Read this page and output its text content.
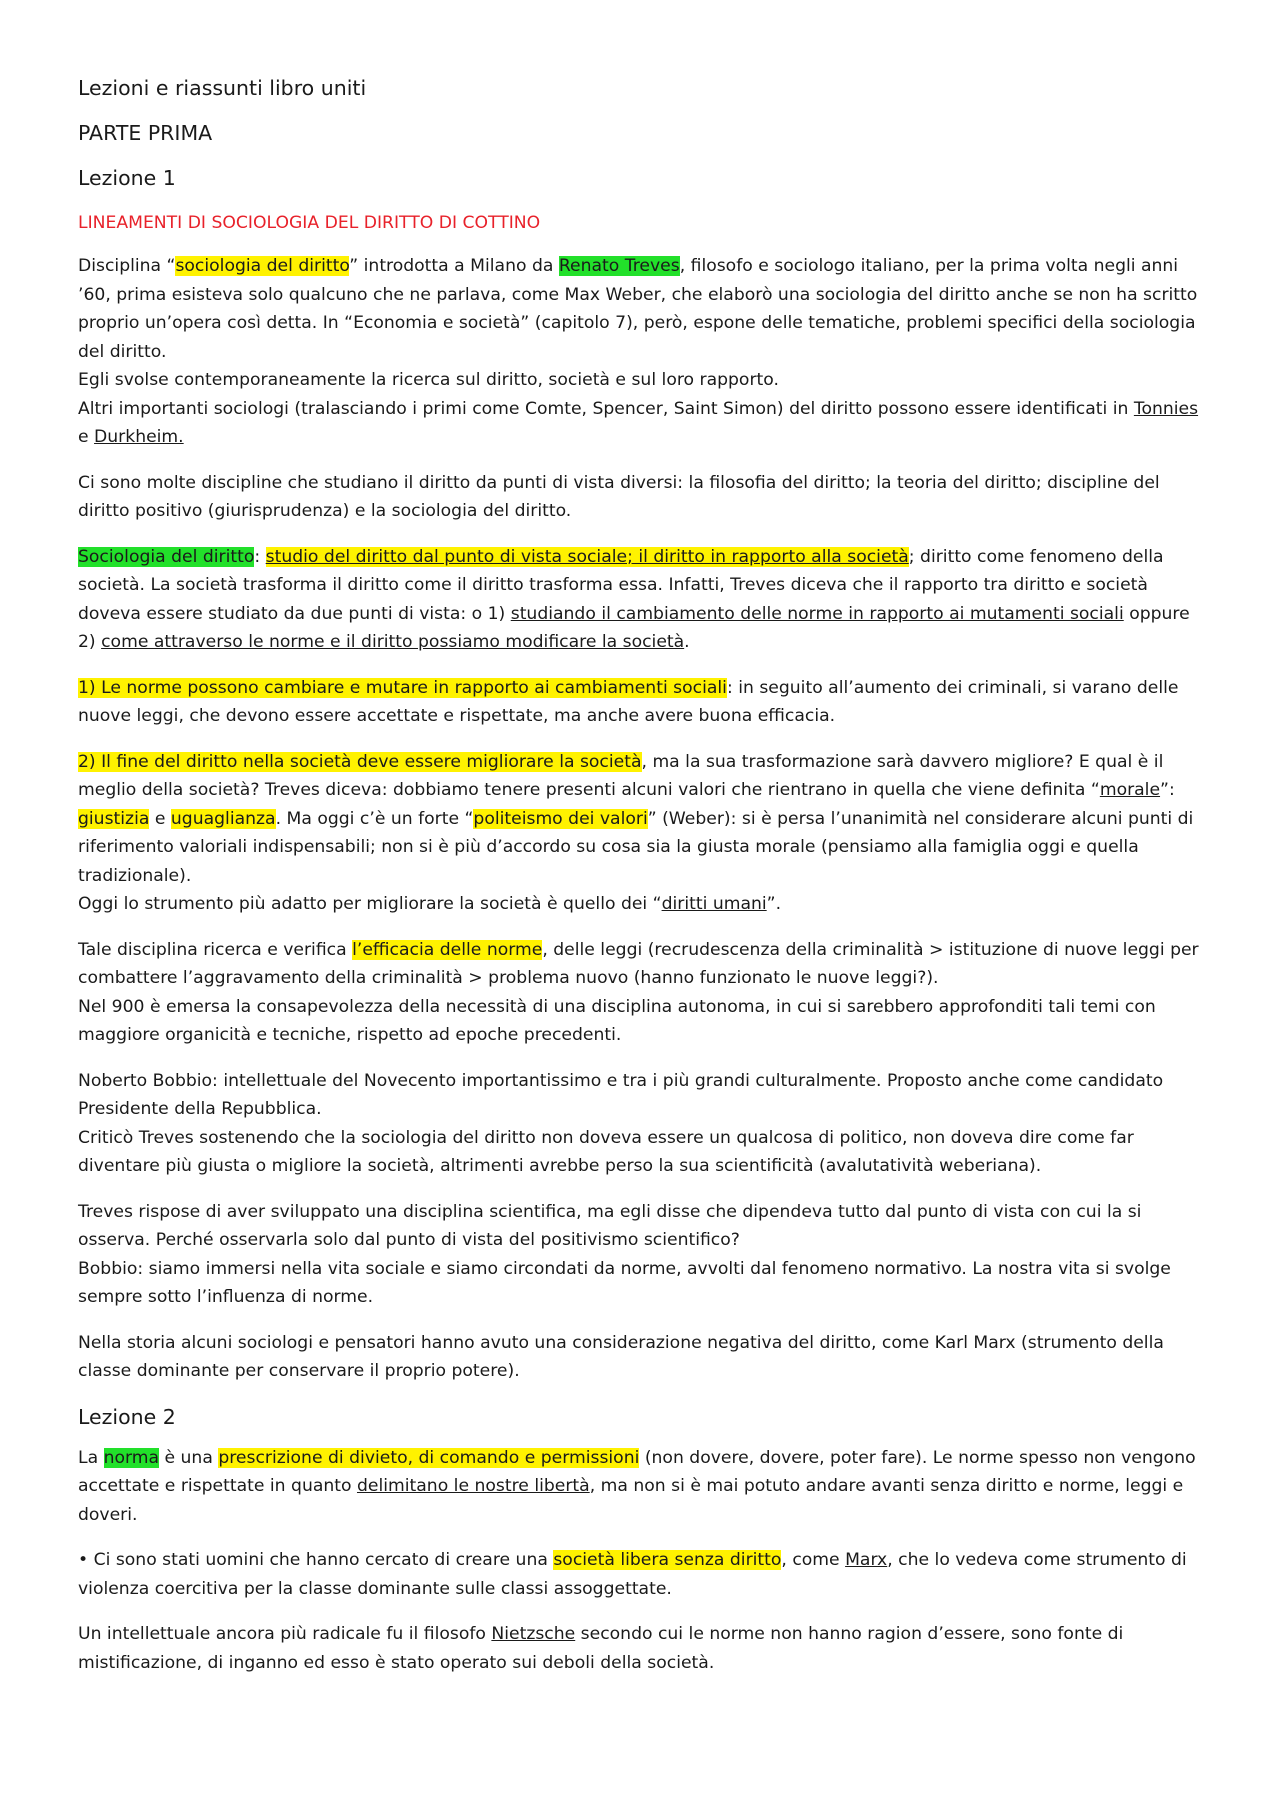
Lezioni e riassunti libro uniti
PARTE PRIMA
Lezione 1
LINEAMENTI DI SOCIOLOGIA DEL DIRITTO DI COTTINO

Disciplina “sociologia del diritto” introdotta a Milano da Renato Treves, filosofo e sociologo italiano, per la prima volta negli anni ’60, prima esisteva solo qualcuno che ne parlava, come Max Weber, che elaborò una sociologia del diritto anche se non ha scritto proprio un’opera così detta. In “Economia e società” (capitolo 7), però, espone delle tematiche, problemi specifici della sociologia del diritto.
Egli svolse contemporaneamente la ricerca sul diritto, società e sul loro rapporto.
Altri importanti sociologi (tralasciando i primi come Comte, Spencer, Saint Simon) del diritto possono essere identificati in Tonnies e Durkheim.

Ci sono molte discipline che studiano il diritto da punti di vista diversi: la filosofia del diritto; la teoria del diritto; discipline del diritto positivo (giurisprudenza) e la sociologia del diritto.

Sociologia del diritto: studio del diritto dal punto di vista sociale; il diritto in rapporto alla società; diritto come fenomeno della società. La società trasforma il diritto come il diritto trasforma essa. Infatti, Treves diceva che il rapporto tra diritto e società doveva essere studiato da due punti di vista: o 1) studiando il cambiamento delle norme in rapporto ai mutamenti sociali oppure 2) come attraverso le norme e il diritto possiamo modificare la società.

1) Le norme possono cambiare e mutare in rapporto ai cambiamenti sociali: in seguito all’aumento dei criminali, si varano delle nuove leggi, che devono essere accettate e rispettate, ma anche avere buona efficacia.

2) Il fine del diritto nella società deve essere migliorare la società, ma la sua trasformazione sarà davvero migliore? E qual è il meglio della società? Treves diceva: dobbiamo tenere presenti alcuni valori che rientrano in quella che viene definita “morale”: giustizia e uguaglianza. Ma oggi c’è un forte “politeismo dei valori” (Weber): si è persa l’unanimità nel considerare alcuni punti di riferimento valoriali indispensabili; non si è più d’accordo su cosa sia la giusta morale (pensiamo alla famiglia oggi e quella tradizionale).
Oggi lo strumento più adatto per migliorare la società è quello dei “diritti umani”.

Tale disciplina ricerca e verifica l’efficacia delle norme, delle leggi (recrudescenza della criminalità > istituzione di nuove leggi per combattere l’aggravamento della criminalità > problema nuovo (hanno funzionato le nuove leggi?).
Nel 900 è emersa la consapevolezza della necessità di una disciplina autonoma, in cui si sarebbero approfonditi tali temi con maggiore organicità e tecniche, rispetto ad epoche precedenti.

Noberto Bobbio: intellettuale del Novecento importantissimo e tra i più grandi culturalmente. Proposto anche come candidato Presidente della Repubblica.
Criticò Treves sostenendo che la sociologia del diritto non doveva essere un qualcosa di politico, non doveva dire come far diventare più giusta o migliore la società, altrimenti avrebbe perso la sua scientificità (avalutatività weberiana).

Treves rispose di aver sviluppato una disciplina scientifica, ma egli disse che dipendeva tutto dal punto di vista con cui la si osserva. Perché osservarla solo dal punto di vista del positivismo scientifico?
Bobbio: siamo immersi nella vita sociale e siamo circondati da norme, avvolti dal fenomeno normativo. La nostra vita si svolge sempre sotto l’influenza di norme.

Nella storia alcuni sociologi e pensatori hanno avuto una considerazione negativa del diritto, come Karl Marx (strumento della classe dominante per conservare il proprio potere).

Lezione 2

La norma è una prescrizione di divieto, di comando e permissioni (non dovere, dovere, poter fare). Le norme spesso non vengono accettate e rispettate in quanto delimitano le nostre libertà, ma non si è mai potuto andare avanti senza diritto e norme, leggi e doveri.

• Ci sono stati uomini che hanno cercato di creare una società libera senza diritto, come Marx, che lo vedeva come strumento di violenza coercitiva per la classe dominante sulle classi assoggettate.

Un intellettuale ancora più radicale fu il filosofo Nietzsche secondo cui le norme non hanno ragion d’essere, sono fonte di mistificazione, di inganno ed esso è stato operato sui deboli della società.
